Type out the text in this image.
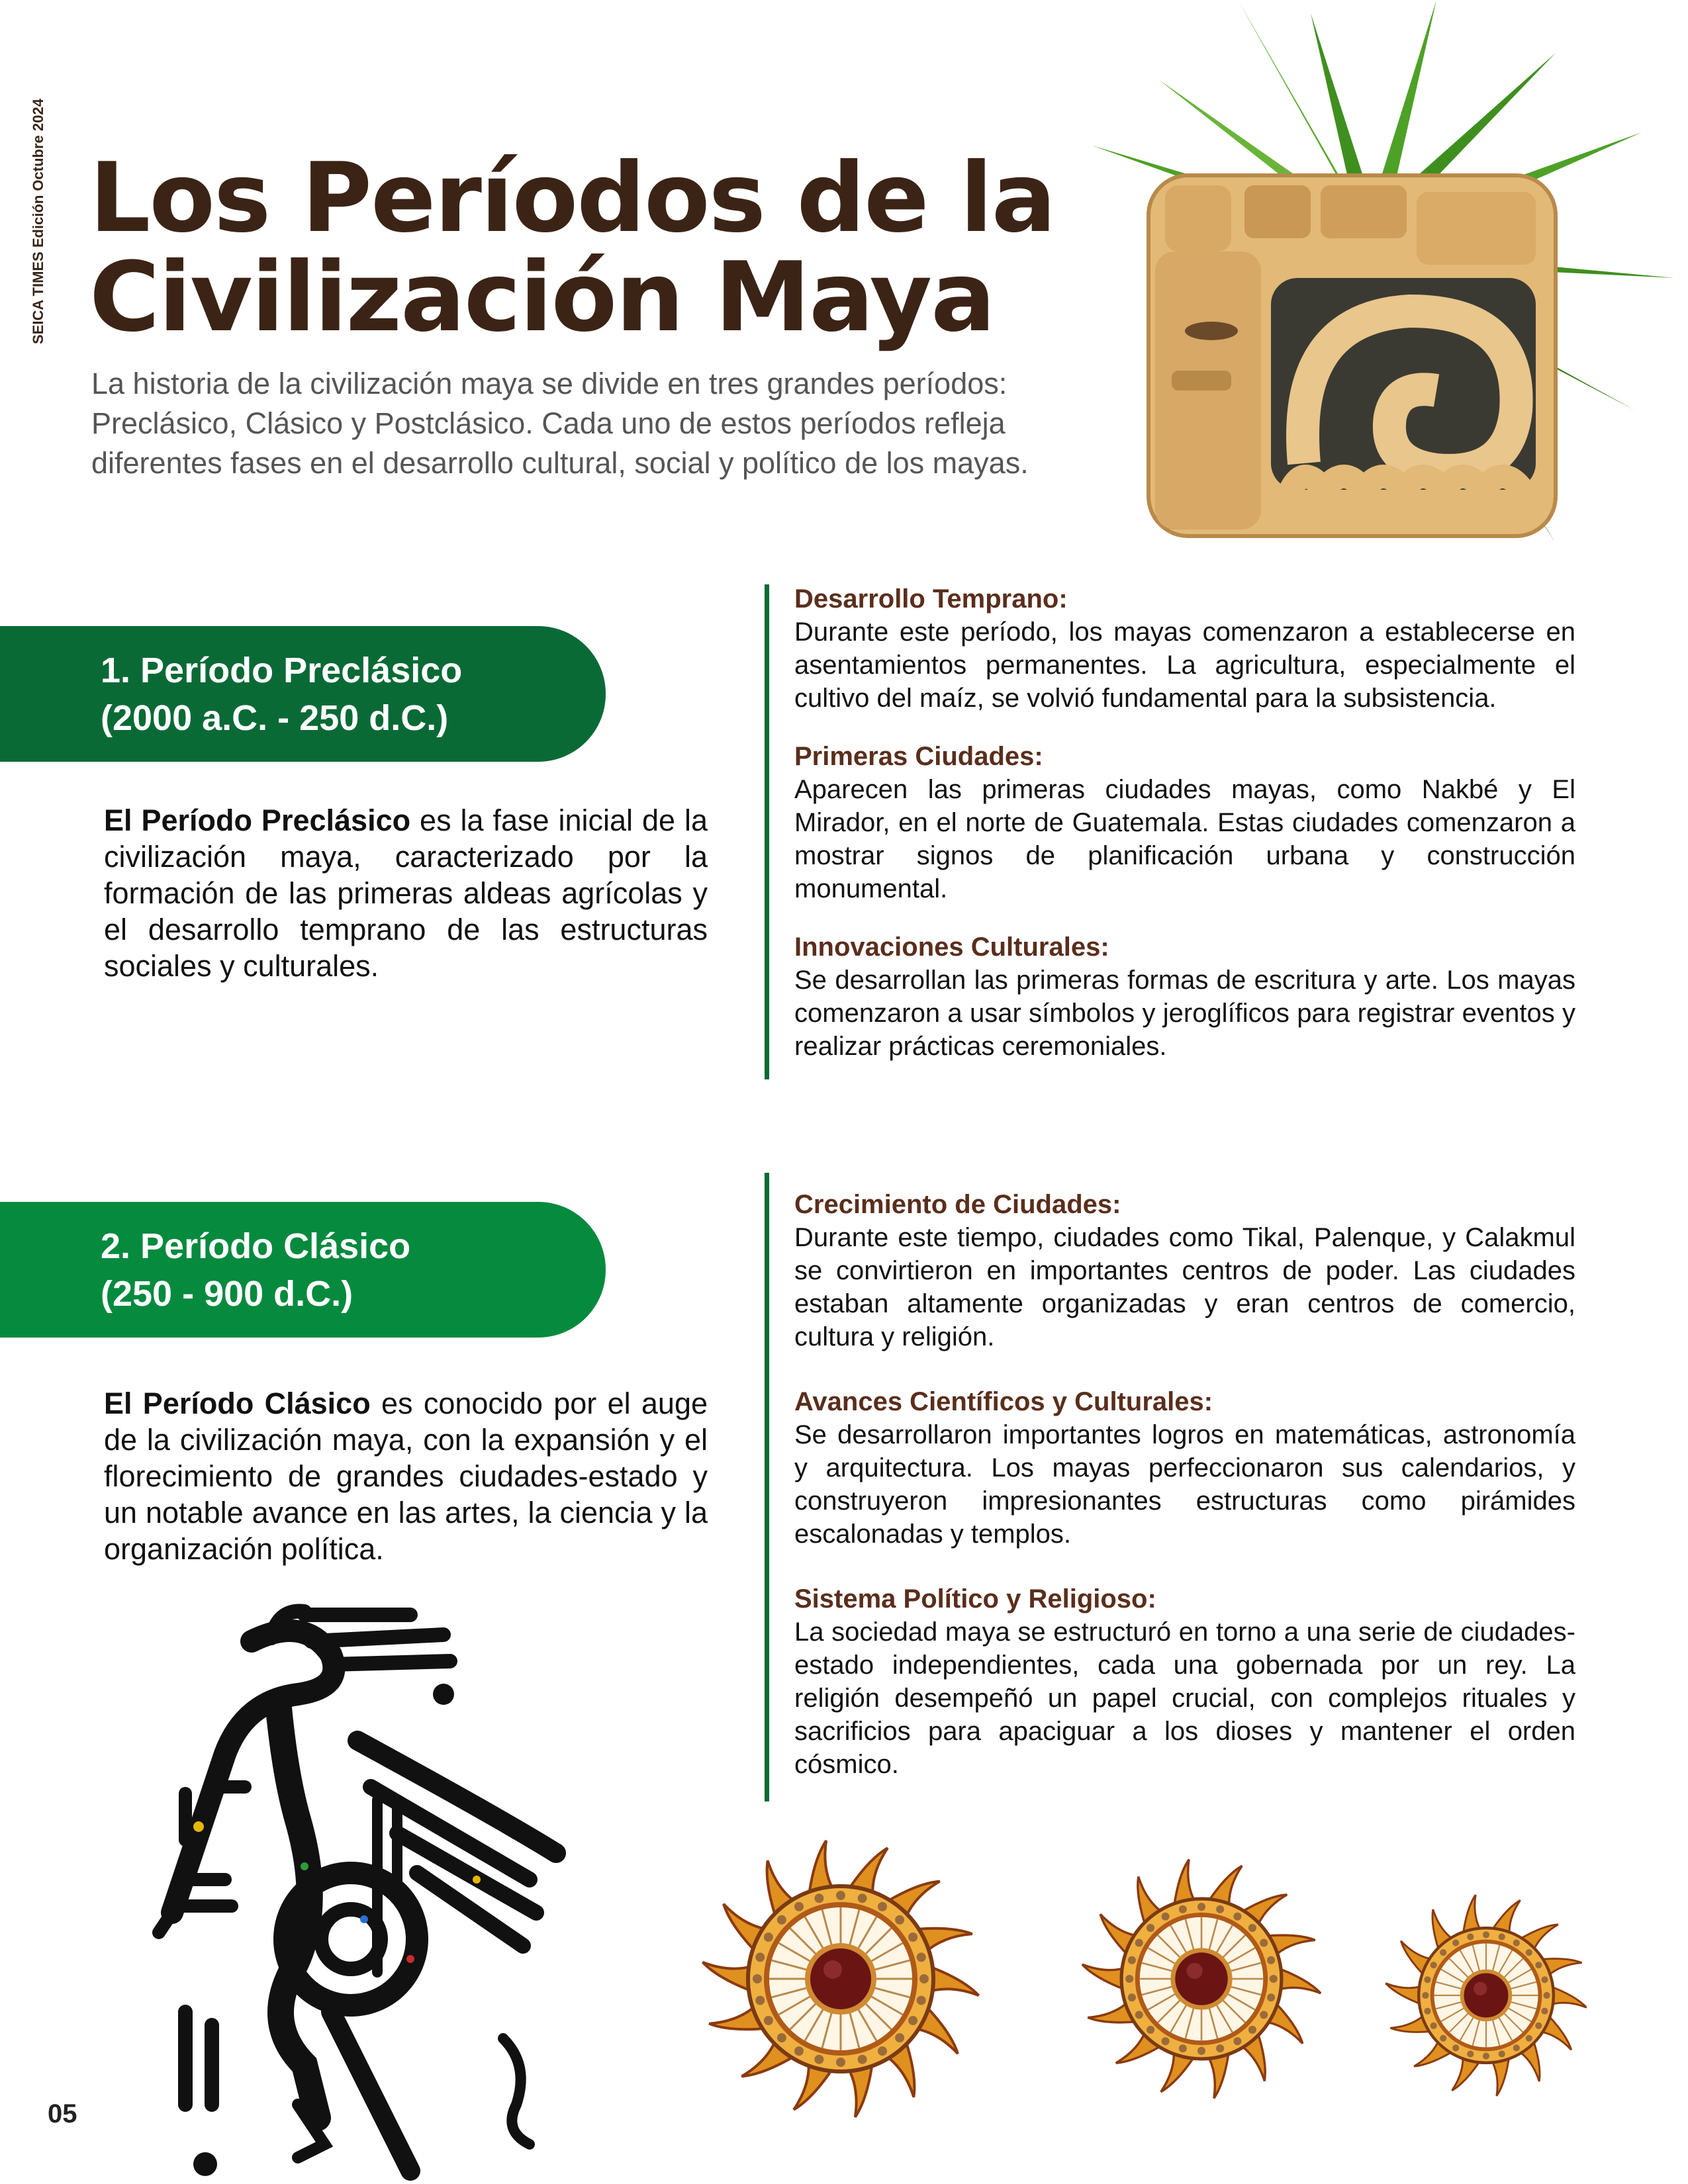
SEICA TIMES Edición Octubre 2024 Los Períodos de la
Civilización Maya
La historia de la civilización maya se divide en tres grandes períodos: Preclásico, Clásico y Postclásico. Cada uno de estos períodos refleja diferentes fases en el desarrollo cultural, social y político de los mayas.
1. Período Preclásico
(2000 a.C. - 250 d.C.)
El Período Preclásico es la fase inicial de la civilización maya, caracterizado por la formación de las primeras aldeas agrícolas y el desarrollo temprano de las estructuras sociales y culturales.
Desarrollo Temprano:

Durante este período, los mayas comenzaron a establecerse en asentamientos permanentes. La agricultura, especialmente el cultivo del maíz, se volvió fundamental para la subsistencia.

Primeras Ciudades:

Aparecen las primeras ciudades mayas, como Nakbé y El Mirador, en el norte de Guatemala. Estas ciudades comenzaron a mostrar signos de planificación urbana y construcción monumental.

Innovaciones Culturales:

Se desarrollan las primeras formas de escritura y arte. Los mayas comenzaron a usar símbolos y jeroglíficos para registrar eventos y realizar prácticas ceremoniales.

2. Período Clásico
(250 - 900 d.C.)
El Período Clásico es conocido por el auge de la civilización maya, con la expansión y el florecimiento de grandes ciudades-estado y un notable avance en las artes, la ciencia y la organización política.
Crecimiento de Ciudades:

Durante este tiempo, ciudades como Tikal, Palenque, y Calakmul se convirtieron en importantes centros de poder. Las ciudades estaban altamente organizadas y eran centros de comercio, cultura y religión.

Avances Científicos y Culturales:

Se desarrollaron importantes logros en matemáticas, astronomía y arquitectura. Los mayas perfeccionaron sus calendarios, y construyeron impresionantes estructuras como pirámides escalonadas y templos.

Sistema Político y Religioso:

La sociedad maya se estructuró en torno a una serie de ciudades-estado independientes, cada una gobernada por un rey. La religión desempeñó un papel crucial, con complejos rituales y sacrificios para apaciguar a los dioses y mantener el orden cósmico.

05
